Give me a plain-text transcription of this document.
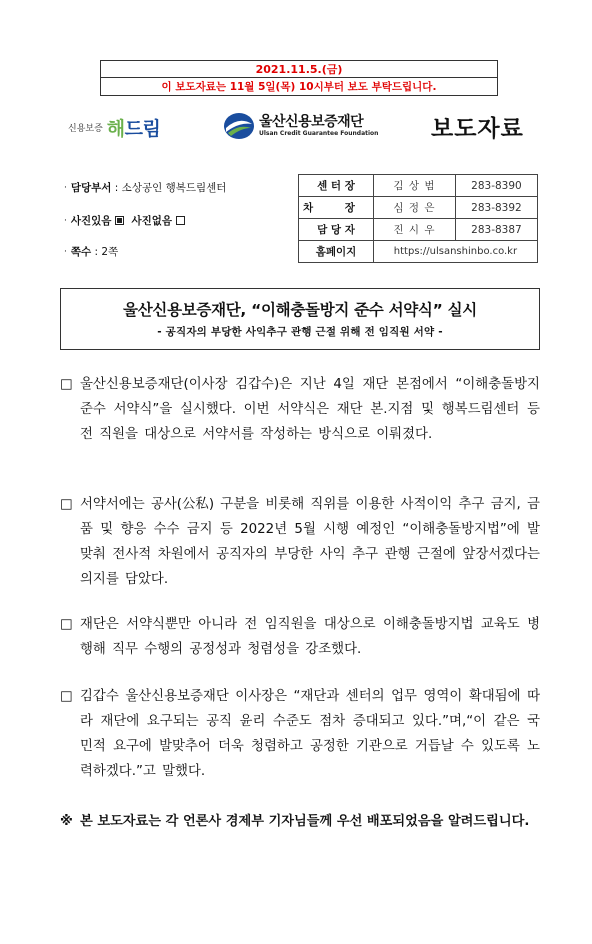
2021.11.5.(금)
이 보도자료는 11월 5일(목) 10시부터 보도 부탁드립니다.
신용보증 해드림	울산신용보증재단
Ulsan Credit Guarantee Foundation 보도자료
· 담당부서 : 소상공인 행복드림센터
· 사진있음 사진없음
· 쪽수 : 2쪽
센 터 장	김 상 범	283-8390
차 장	심 정 은	283-8392
담 당 자	진 시 우	283-8387
홈페이지	https://ulsanshinbo.co.kr	
울산신용보증재단, “이해충돌방지 준수 서약식” 실시
- 공직자의 부당한 사익추구 관행 근절 위해 전 임직원 서약 -
□ 울산신용보증재단(이사장 김갑수)은 지난 4일 재단 본점에서 “이해충돌방지 준수 서약식”을 실시했다. 이번 서약식은 재단 본.지점 및 행복드림센터 등 전 직원을 대상으로 서약서를 작성하는 방식으로 이뤄졌다.
□ 서약서에는 공사(公私) 구분을 비롯해 직위를 이용한 사적이익 추구 금지, 금품 및 향응 수수 금지 등 2022년 5월 시행 예정인 “이해충돌방지법”에 발맞춰 전사적 차원에서 공직자의 부당한 사익 추구 관행 근절에 앞장서겠다는 의지를 담았다.
□ 재단은 서약식뿐만 아니라 전 임직원을 대상으로 이해충돌방지법 교육도 병행해 직무 수행의 공정성과 청렴성을 강조했다.
□ 김갑수 울산신용보증재단 이사장은 “재단과 센터의 업무 영역이 확대됨에 따라 재단에 요구되는 공직 윤리 수준도 점차 증대되고 있다.”며,“이 같은 국민적 요구에 발맞추어 더욱 청렴하고 공정한 기관으로 거듭날 수 있도록 노력하겠다.”고 말했다.
※ 본 보도자료는 각 언론사 경제부 기자님들께 우선 배포되었음을 알려드립니다.
